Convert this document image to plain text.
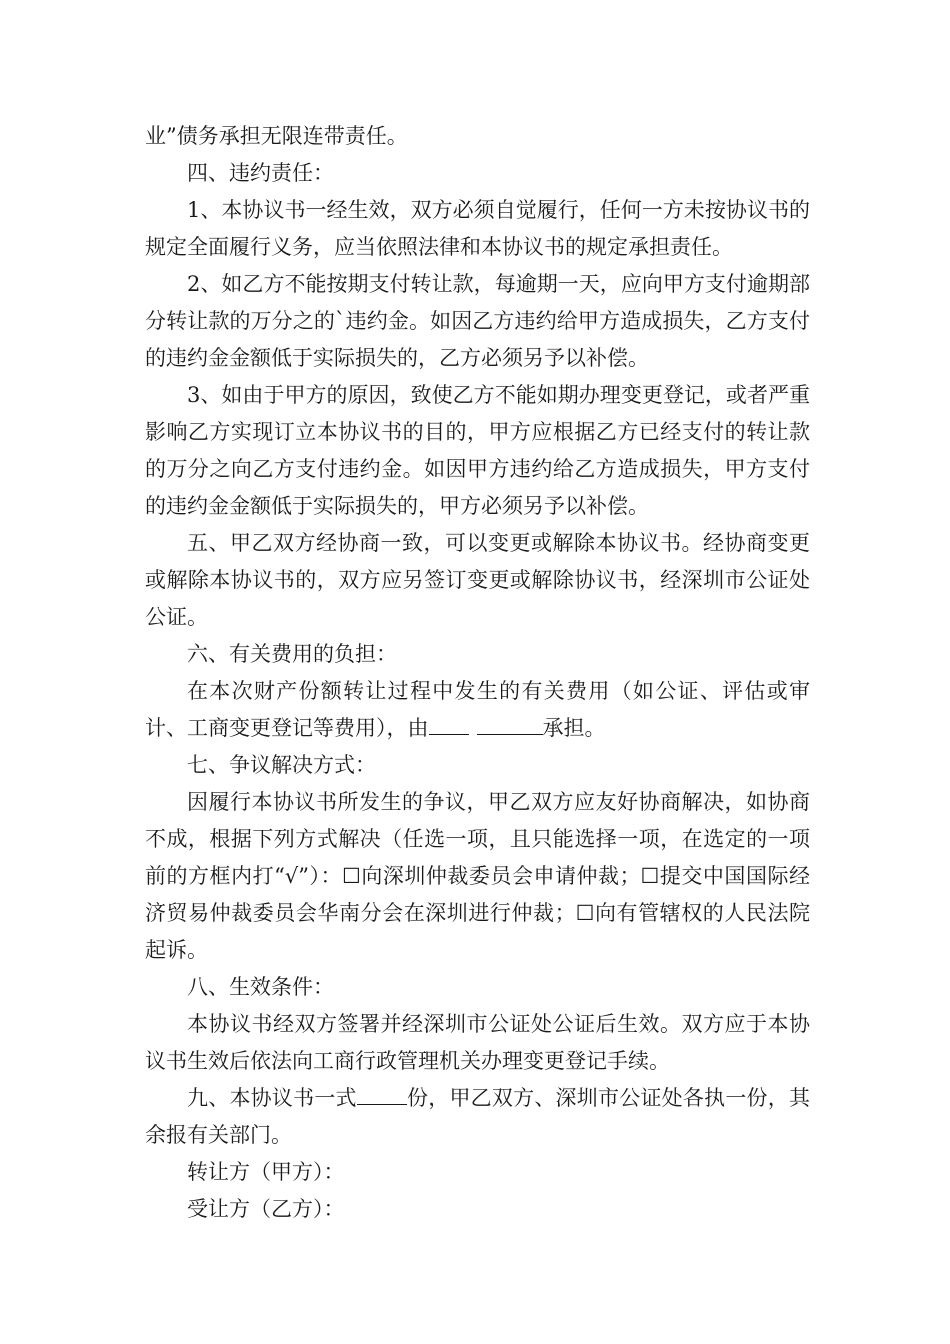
业”债务承担无限连带责任。

四、违约责任：

1、本协议书一经生效，双方必须自觉履行，任何一方未按协议书的规定全面履行义务，应当依照法律和本协议书的规定承担责任。

2、如乙方不能按期支付转让款，每逾期一天，应向甲方支付逾期部分转让款的万分之的`违约金。如因乙方违约给甲方造成损失，乙方支付的违约金金额低于实际损失的，乙方必须另予以补偿。

3、如由于甲方的原因，致使乙方不能如期办理变更登记，或者严重影响乙方实现订立本协议书的目的，甲方应根据乙方已经支付的转让款的万分之向乙方支付违约金。如因甲方违约给乙方造成损失，甲方支付的违约金金额低于实际损失的，甲方必须另予以补偿。

五、甲乙双方经协商一致，可以变更或解除本协议书。经协商变更或解除本协议书的，双方应另签订变更或解除协议书，经深圳市公证处公证。

六、有关费用的负担：

在本次财产份额转让过程中发生的有关费用（如公证、评估或审计、工商变更登记等费用），由	承担。

七、争议解决方式：

因履行本协议书所发生的争议，甲乙双方应友好协商解决，如协商不成，根据下列方式解决（任选一项，且只能选择一项，在选定的一项前的方框内打“√”）：☐向深圳仲裁委员会申请仲裁；☐提交中国国际经济贸易仲裁委员会华南分会在深圳进行仲裁；☐向有管辖权的人民法院起诉。

八、生效条件：

本协议书经双方签署并经深圳市公证处公证后生效。双方应于本协议书生效后依法向工商行政管理机关办理变更登记手续。

九、本协议书一式 份，甲乙双方、深圳市公证处各执一份，其余报有关部门。

转让方（甲方）：

受让方（乙方）：
